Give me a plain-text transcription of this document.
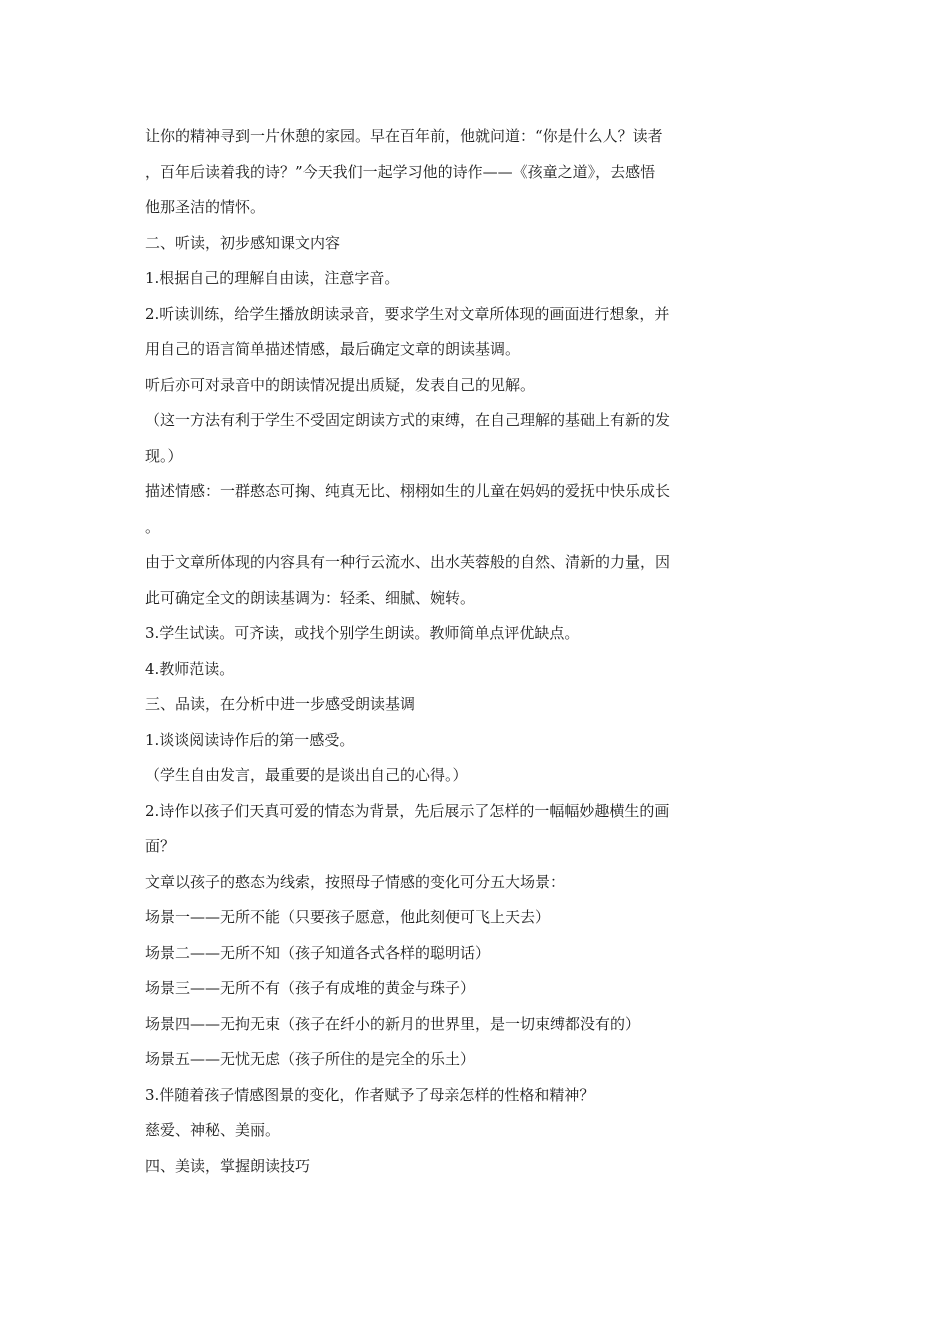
让你的精神寻到一片休憩的家园。早在百年前，他就问道：“你是什么人？读者
，百年后读着我的诗？”今天我们一起学习他的诗作——《孩童之道》，去感悟
他那圣洁的情怀。
二、听读，初步感知课文内容
1.根据自己的理解自由读，注意字音。
2.听读训练，给学生播放朗读录音，要求学生对文章所体现的画面进行想象，并
用自己的语言简单描述情感，最后确定文章的朗读基调。
听后亦可对录音中的朗读情况提出质疑，发表自己的见解。
（这一方法有利于学生不受固定朗读方式的束缚，在自己理解的基础上有新的发
现。）
描述情感：一群憨态可掬、纯真无比、栩栩如生的儿童在妈妈的爱抚中快乐成长
。
由于文章所体现的内容具有一种行云流水、出水芙蓉般的自然、清新的力量，因
此可确定全文的朗读基调为：轻柔、细腻、婉转。
3.学生试读。可齐读，或找个别学生朗读。教师简单点评优缺点。
4.教师范读。
三、品读，在分析中进一步感受朗读基调
1.谈谈阅读诗作后的第一感受。
（学生自由发言，最重要的是谈出自己的心得。）
2.诗作以孩子们天真可爱的情态为背景，先后展示了怎样的一幅幅妙趣横生的画
面？
文章以孩子的憨态为线索，按照母子情感的变化可分五大场景：
场景一——无所不能（只要孩子愿意，他此刻便可飞上天去）
场景二——无所不知（孩子知道各式各样的聪明话）
场景三——无所不有（孩子有成堆的黄金与珠子）
场景四——无拘无束（孩子在纤小的新月的世界里，是一切束缚都没有的）
场景五——无忧无虑（孩子所住的是完全的乐土）
3.伴随着孩子情感图景的变化，作者赋予了母亲怎样的性格和精神？
慈爱、神秘、美丽。
四、美读，掌握朗读技巧
